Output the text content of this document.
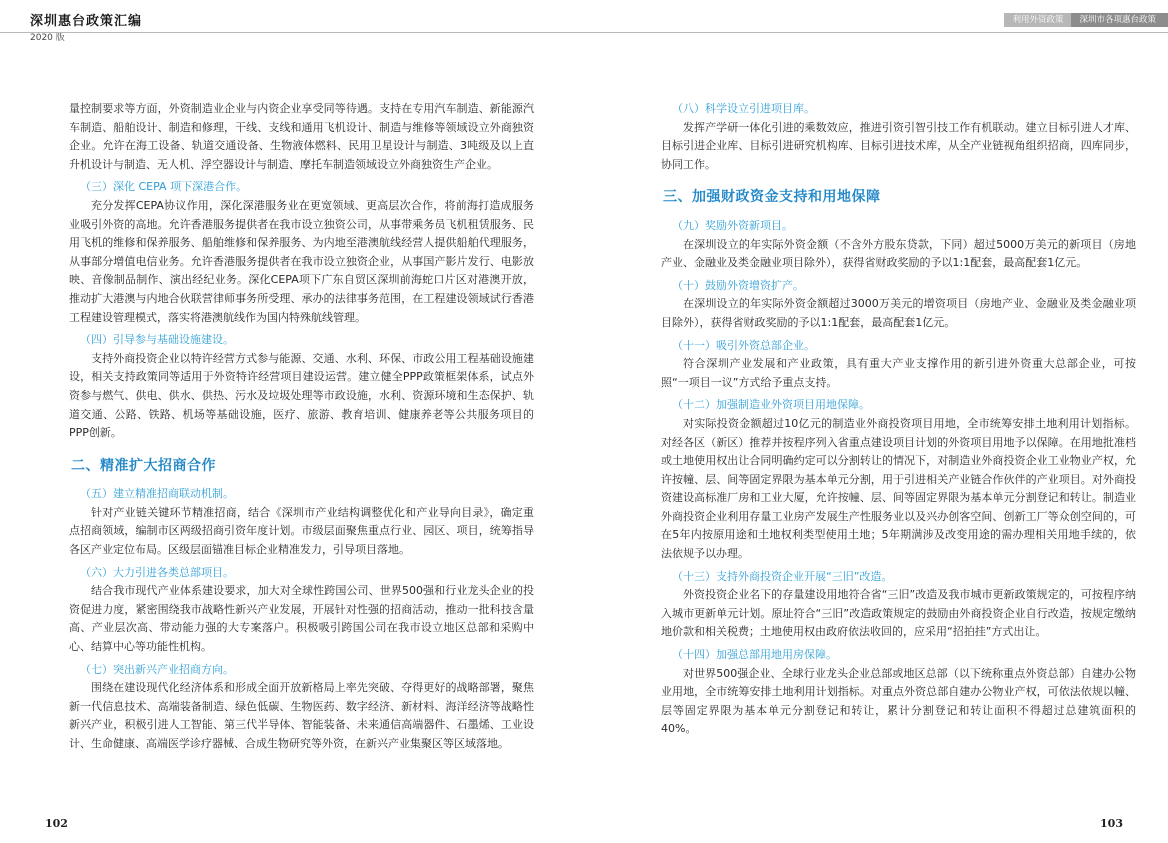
深圳惠台政策汇编
2020 版
利用外资政策	深圳市各项惠台政策

量控制要求等方面，外资制造业企业与内资企业享受同等待遇。支持在专用汽车制造、新能源汽车制造、船舶设计、制造和修理，干线、支线和通用飞机设计、制造与维修等领域设立外商独资企业。允许在海工设备、轨道交通设备、生物液体燃料、民用卫星设计与制造、3吨级及以上直升机设计与制造、无人机、浮空器设计与制造、摩托车制造领域设立外商独资生产企业。

（三）深化 CEPA 项下深港合作。

充分发挥CEPA协议作用，深化深港服务业在更宽领域、更高层次合作，将前海打造成服务业吸引外资的高地。允许香港服务提供者在我市设立独资公司，从事带乘务员飞机租赁服务、民用飞机的维修和保养服务、船舶维修和保养服务、为内地至港澳航线经营人提供船舶代理服务，从事部分增值电信业务。允许香港服务提供者在我市设立独资企业，从事国产影片发行、电影放映、音像制品制作、演出经纪业务。深化CEPA项下广东自贸区深圳前海蛇口片区对港澳开放，推动扩大港澳与内地合伙联营律师事务所受理、承办的法律事务范围，在工程建设领域试行香港工程建设管理模式，落实将港澳航线作为国内特殊航线管理。

（四）引导参与基础设施建设。

支持外商投资企业以特许经营方式参与能源、交通、水利、环保、市政公用工程基础设施建设，相关支持政策同等适用于外资特许经营项目建设运营。建立健全PPP政策框架体系，试点外资参与燃气、供电、供水、供热、污水及垃圾处理等市政设施，水利、资源环境和生态保护、轨道交通、公路、铁路、机场等基础设施，医疗、旅游、教育培训、健康养老等公共服务项目的PPP创新。

二、精准扩大招商合作
（五）建立精准招商联动机制。

针对产业链关键环节精准招商，结合《深圳市产业结构调整优化和产业导向目录》，确定重点招商领域，编制市区两级招商引资年度计划。市级层面聚焦重点行业、园区、项目，统筹指导各区产业定位布局。区级层面锚准目标企业精准发力，引导项目落地。

（六）大力引进各类总部项目。

结合我市现代产业体系建设要求，加大对全球性跨国公司、世界500强和行业龙头企业的投资促进力度，紧密围绕我市战略性新兴产业发展，开展针对性强的招商活动，推动一批科技含量高、产业层次高、带动能力强的大专案落户。积极吸引跨国公司在我市设立地区总部和采购中心、结算中心等功能性机构。

（七）突出新兴产业招商方向。

围绕在建设现代化经济体系和形成全面开放新格局上率先突破、夺得更好的战略部署，聚焦新一代信息技术、高端装备制造、绿色低碳、生物医药、数字经济、新材料、海洋经济等战略性新兴产业，积极引进人工智能、第三代半导体、智能装备、未来通信高端器件、石墨烯、工业设计、生命健康、高端医学诊疗器械、合成生物研究等外资，在新兴产业集聚区等区域落地。

（八）科学设立引进项目库。

发挥产学研一体化引进的乘数效应，推进引资引智引技工作有机联动。建立目标引进人才库、目标引进企业库、目标引进研究机构库、目标引进技术库，从全产业链视角组织招商，四库同步，协同工作。

三、加强财政资金支持和用地保障
（九）奖励外资新项目。

在深圳设立的年实际外资金额（不含外方股东贷款，下同）超过5000万美元的新项目（房地产业、金融业及类金融业项目除外），获得省财政奖励的予以1:1配套，最高配套1亿元。

（十）鼓励外资增资扩产。

在深圳设立的年实际外资金额超过3000万美元的增资项目（房地产业、金融业及类金融业项目除外），获得省财政奖励的予以1:1配套，最高配套1亿元。

（十一）吸引外资总部企业。

符合深圳产业发展和产业政策，具有重大产业支撑作用的新引进外资重大总部企业，可按照“一项目一议”方式给予重点支持。

（十二）加强制造业外资项目用地保障。

对实际投资金额超过10亿元的制造业外商投资项目用地，全市统筹安排土地利用计划指标。对经各区（新区）推荐并按程序列入省重点建设项目计划的外资项目用地予以保障。在用地批准档或土地使用权出让合同明确约定可以分割转让的情况下，对制造业外商投资企业工业物业产权，允许按幢、层、间等固定界限为基本单元分割，用于引进相关产业链合作伙伴的产业项目。对外商投资建设高标准厂房和工业大厦，允许按幢、层、间等固定界限为基本单元分割登记和转让。制造业外商投资企业利用存量工业房产发展生产性服务业以及兴办创客空间、创新工厂等众创空间的，可在5年内按原用途和土地权利类型使用土地；5年期满涉及改变用途的需办理相关用地手续的，依法依规予以办理。

（十三）支持外商投资企业开展“三旧”改造。

外资投资企业名下的存量建设用地符合省“三旧”改造及我市城市更新政策规定的，可按程序纳入城市更新单元计划。原址符合“三旧”改造政策规定的鼓励由外商投资企业自行改造，按规定缴纳地价款和相关税费；土地使用权由政府依法收回的，应采用“招拍挂”方式出让。

（十四）加强总部用地用房保障。

对世界500强企业、全球行业龙头企业总部或地区总部（以下统称重点外资总部）自建办公物业用地，全市统筹安排土地利用计划指标。对重点外资总部自建办公物业产权，可依法依规以幢、层等固定界限为基本单元分割登记和转让，累计分割登记和转让面积不得超过总建筑面积的40%。

102	103
